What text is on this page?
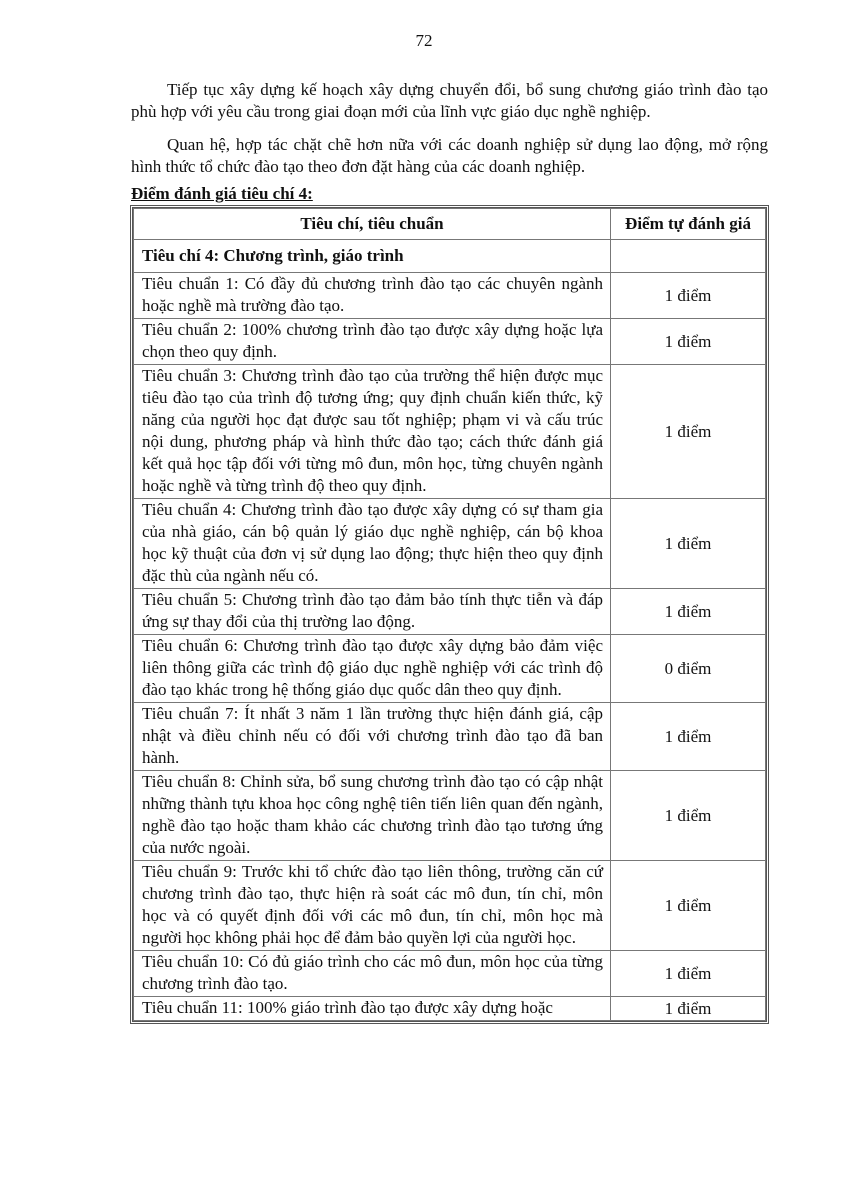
72

Tiếp tục xây dựng kế hoạch xây dựng chuyển đổi, bổ sung chương giáo trình đào tạo phù hợp với yêu cầu trong giai đoạn mới của lĩnh vực giáo dục nghề nghiệp.

Quan hệ, hợp tác chặt chẽ hơn nữa với các doanh nghiệp sử dụng lao động, mở rộng hình thức tổ chức đào tạo theo đơn đặt hàng của các doanh nghiệp.

Điểm đánh giá tiêu chí 4:

Tiêu chí, tiêu chuẩn	Điểm tự đánh giá
Tiêu chí 4: Chương trình, giáo trình	
Tiêu chuẩn 1: Có đầy đủ chương trình đào tạo các chuyên ngành hoặc nghề mà trường đào tạo.	1 điểm
Tiêu chuẩn 2: 100% chương trình đào tạo được xây dựng hoặc lựa chọn theo quy định.	1 điểm
Tiêu chuẩn 3: Chương trình đào tạo của trường thể hiện được mục tiêu đào tạo của trình độ tương ứng; quy định chuẩn kiến thức, kỹ năng của người học đạt được sau tốt nghiệp; phạm vi và cấu trúc nội dung, phương pháp và hình thức đào tạo; cách thức đánh giá kết quả học tập đối với từng mô đun, môn học, từng chuyên ngành hoặc nghề và từng trình độ theo quy định.	1 điểm
Tiêu chuẩn 4: Chương trình đào tạo được xây dựng có sự tham gia của nhà giáo, cán bộ quản lý giáo dục nghề nghiệp, cán bộ khoa học kỹ thuật của đơn vị sử dụng lao động; thực hiện theo quy định đặc thù của ngành nếu có.	1 điểm
Tiêu chuẩn 5: Chương trình đào tạo đảm bảo tính thực tiễn và đáp ứng sự thay đổi của thị trường lao động.	1 điểm
Tiêu chuẩn 6: Chương trình đào tạo được xây dựng bảo đảm việc liên thông giữa các trình độ giáo dục nghề nghiệp với các trình độ đào tạo khác trong hệ thống giáo dục quốc dân theo quy định.	0 điểm
Tiêu chuẩn 7: Ít nhất 3 năm 1 lần trường thực hiện đánh giá, cập nhật và điều chỉnh nếu có đối với chương trình đào tạo đã ban hành.	1 điểm
Tiêu chuẩn 8: Chỉnh sửa, bổ sung chương trình đào tạo có cập nhật những thành tựu khoa học công nghệ tiên tiến liên quan đến ngành, nghề đào tạo hoặc tham khảo các chương trình đào tạo tương ứng của nước ngoài.	1 điểm
Tiêu chuẩn 9: Trước khi tổ chức đào tạo liên thông, trường căn cứ chương trình đào tạo, thực hiện rà soát các mô đun, tín chỉ, môn học và có quyết định đối với các mô đun, tín chỉ, môn học mà người học không phải học để đảm bảo quyền lợi của người học.	1 điểm
Tiêu chuẩn 10: Có đủ giáo trình cho các mô đun, môn học của từng chương trình đào tạo.	1 điểm
Tiêu chuẩn 11: 100% giáo trình đào tạo được xây dựng hoặc	1 điểm
